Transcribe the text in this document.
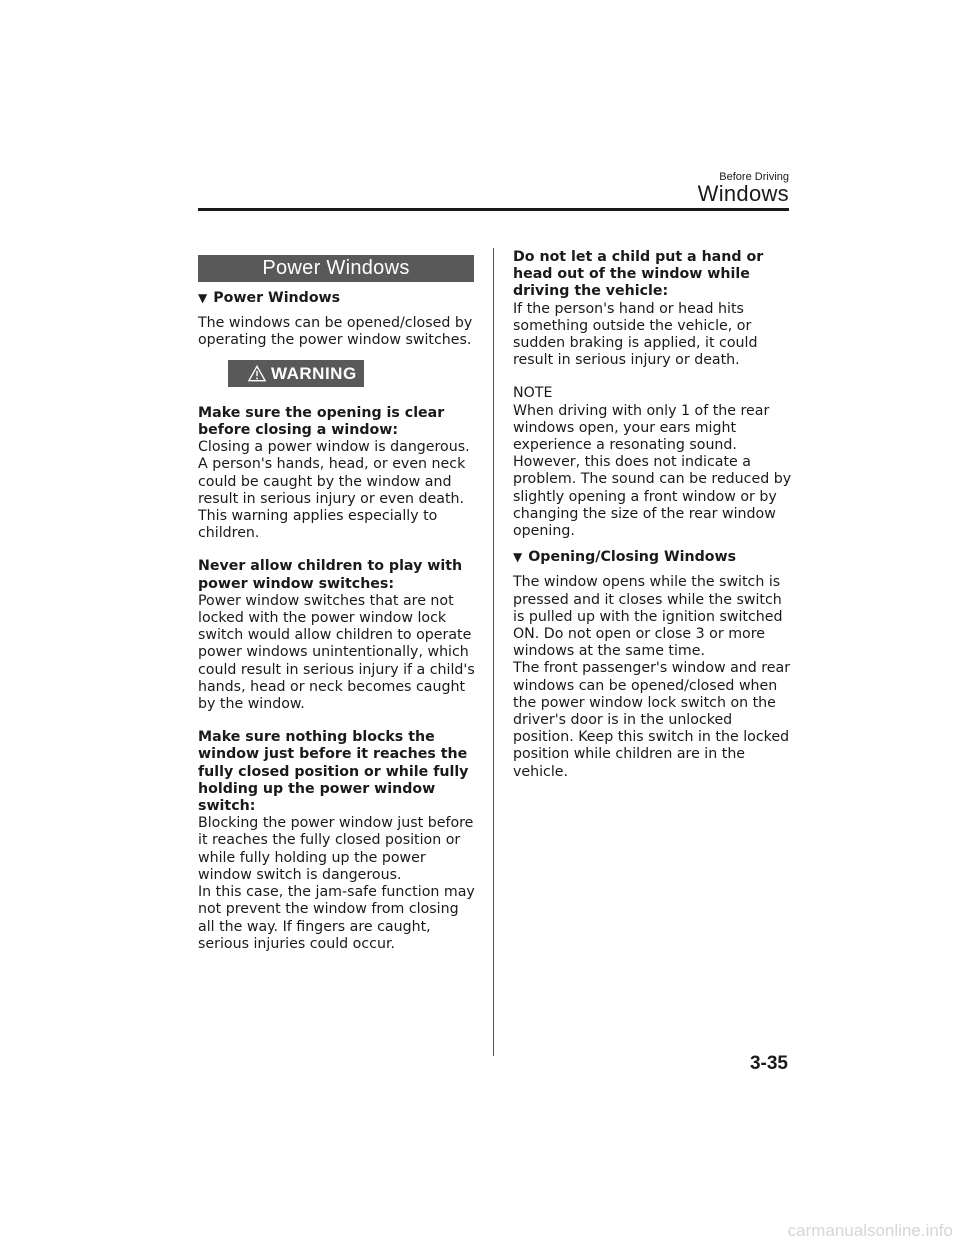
Before Driving
Windows
Power Windows
▼ Power Windows
The windows can be opened/closed by operating the power window switches.
WARNING
Make sure the opening is clear before closing a window:
Closing a power window is dangerous. A person's hands, head, or even neck could be caught by the window and result in serious injury or even death. This warning applies especially to children.
Never allow children to play with power window switches:
Power window switches that are not locked with the power window lock switch would allow children to operate power windows unintentionally, which could result in serious injury if a child's hands, head or neck becomes caught by the window.
Make sure nothing blocks the window just before it reaches the fully closed position or while fully holding up the power window switch:
Blocking the power window just before it reaches the fully closed position or while fully holding up the power window switch is dangerous.
In this case, the jam-safe function may not prevent the window from closing all the way. If fingers are caught, serious injuries could occur.
Do not let a child put a hand or head out of the window while driving the vehicle:
If the person's hand or head hits something outside the vehicle, or sudden braking is applied, it could result in serious injury or death.
NOTE
When driving with only 1 of the rear windows open, your ears might experience a resonating sound. However, this does not indicate a problem. The sound can be reduced by slightly opening a front window or by changing the size of the rear window opening.
▼ Opening/Closing Windows
The window opens while the switch is pressed and it closes while the switch is pulled up with the ignition switched ON. Do not open or close 3 or more windows at the same time.
The front passenger's window and rear windows can be opened/closed when the power window lock switch on the driver's door is in the unlocked position. Keep this switch in the locked position while children are in the vehicle.
3-35
carmanualsonline.info
